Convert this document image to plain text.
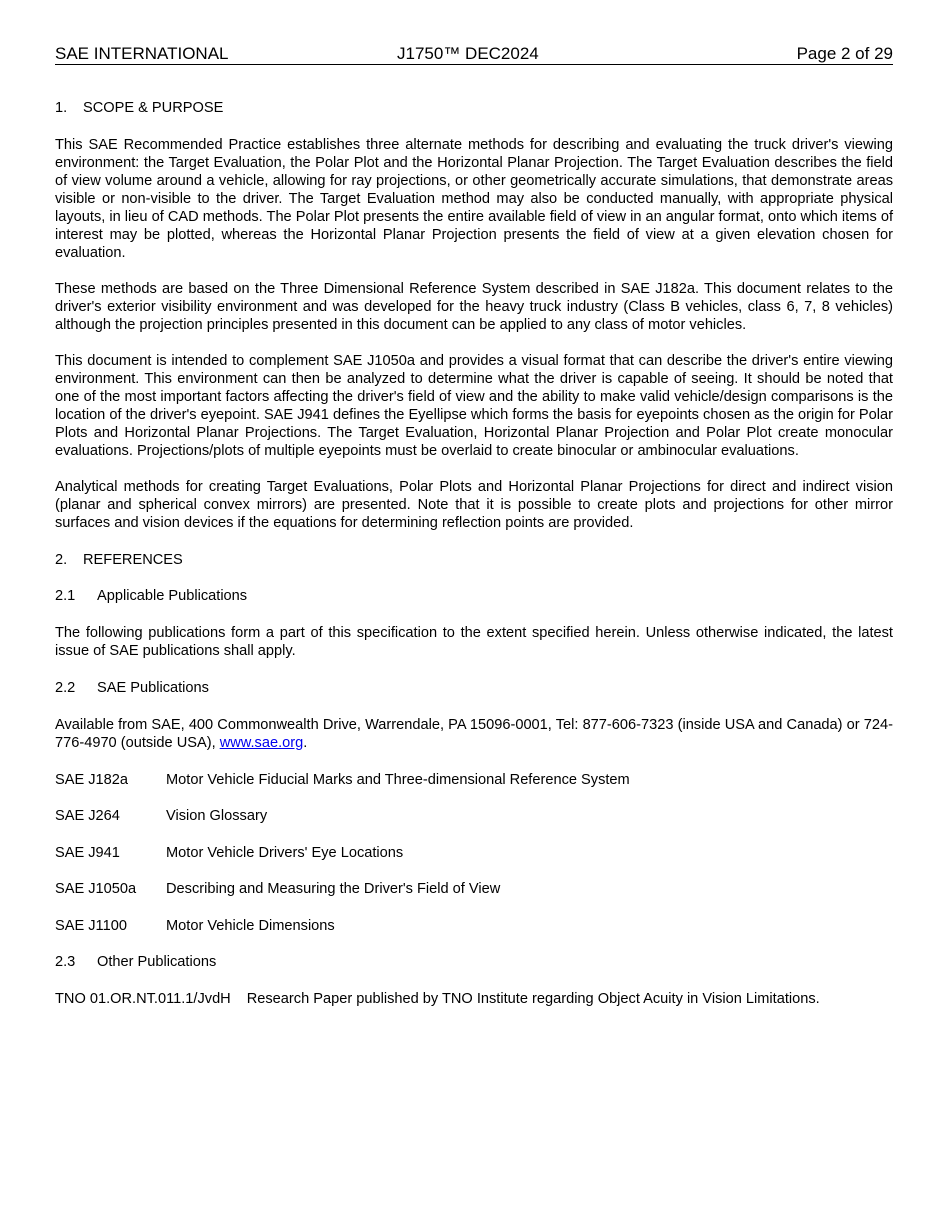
SAE INTERNATIONAL	J1750™ DEC2024	Page 2 of 29
1. SCOPE & PURPOSE

This SAE Recommended Practice establishes three alternate methods for describing and evaluating the truck driver's viewing environment: the Target Evaluation, the Polar Plot and the Horizontal Planar Projection. The Target Evaluation describes the field of view volume around a vehicle, allowing for ray projections, or other geometrically accurate simulations, that demonstrate areas visible or non-visible to the driver. The Target Evaluation method may also be conducted manually, with appropriate physical layouts, in lieu of CAD methods. The Polar Plot presents the entire available field of view in an angular format, onto which items of interest may be plotted, whereas the Horizontal Planar Projection presents the field of view at a given elevation chosen for evaluation.

These methods are based on the Three Dimensional Reference System described in SAE J182a. This document relates to the driver's exterior visibility environment and was developed for the heavy truck industry (Class B vehicles, class 6, 7, 8 vehicles) although the projection principles presented in this document can be applied to any class of motor vehicles.

This document is intended to complement SAE J1050a and provides a visual format that can describe the driver's entire viewing environment. This environment can then be analyzed to determine what the driver is capable of seeing. It should be noted that one of the most important factors affecting the driver's field of view and the ability to make valid vehicle/design comparisons is the location of the driver's eyepoint. SAE J941 defines the Eyellipse which forms the basis for eyepoints chosen as the origin for Polar Plots and Horizontal Planar Projections. The Target Evaluation, Horizontal Planar Projection and Polar Plot create monocular evaluations. Projections/plots of multiple eyepoints must be overlaid to create binocular or ambinocular evaluations.

Analytical methods for creating Target Evaluations, Polar Plots and Horizontal Planar Projections for direct and indirect vision (planar and spherical convex mirrors) are presented. Note that it is possible to create plots and projections for other mirror surfaces and vision devices if the equations for determining reflection points are provided.

2. REFERENCES
2.1 Applicable Publications

The following publications form a part of this specification to the extent specified herein. Unless otherwise indicated, the latest issue of SAE publications shall apply.

2.2 SAE Publications

Available from SAE, 400 Commonwealth Drive, Warrendale, PA 15096-0001, Tel: 877-606-7323 (inside USA and Canada) or 724-776-4970 (outside USA), www.sae.org.

SAE J182a	Motor Vehicle Fiducial Marks and Three-dimensional Reference System
SAE J264	Vision Glossary
SAE J941	Motor Vehicle Drivers' Eye Locations
SAE J1050a	Describing and Measuring the Driver's Field of View
SAE J1100	Motor Vehicle Dimensions
2.3 Other Publications
TNO 01.OR.NT.011.1/JvdH Research Paper published by TNO Institute regarding Object Acuity in Vision Limitations.
